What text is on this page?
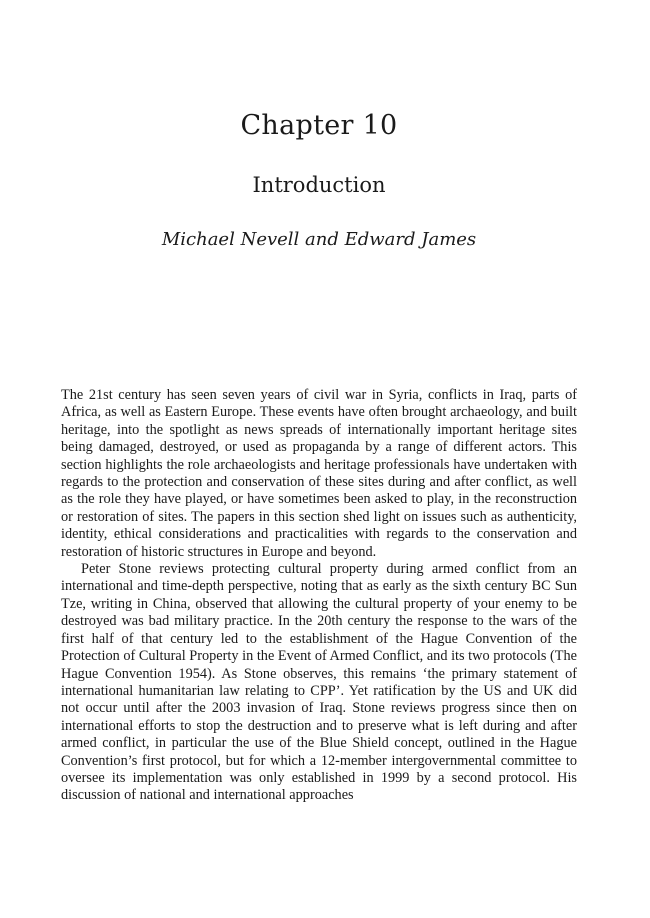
Chapter 10
Introduction
Michael Nevell and Edward James

The 21st century has seen seven years of civil war in Syria, conflicts in Iraq, parts of Africa, as well as Eastern Europe. These events have often brought archaeology, and built heritage, into the spotlight as news spreads of internationally important heritage sites being damaged, destroyed, or used as propaganda by a range of different actors. This section highlights the role archaeologists and heritage professionals have undertaken with regards to the protection and conservation of these sites during and after conflict, as well as the role they have played, or have sometimes been asked to play, in the reconstruction or restoration of sites. The papers in this section shed light on issues such as authenticity, identity, ethical considerations and practicalities with regards to the conservation and restoration of historic structures in Europe and beyond.

Peter Stone reviews protecting cultural property during armed conflict from an international and time-depth perspective, noting that as early as the sixth century BC Sun Tze, writing in China, observed that allowing the cultural property of your enemy to be destroyed was bad military practice. In the 20th century the response to the wars of the first half of that century led to the establishment of the Hague Convention of the Protection of Cultural Property in the Event of Armed Conflict, and its two protocols (The Hague Convention 1954). As Stone observes, this remains ‘the primary statement of international humanitarian law relating to CPP’. Yet ratification by the US and UK did not occur until after the 2003 invasion of Iraq. Stone reviews progress since then on international efforts to stop the destruction and to preserve what is left during and after armed conflict, in particular the use of the Blue Shield concept, outlined in the Hague Convention’s first protocol, but for which a 12-member intergovernmental committee to oversee its implementation was only established in 1999 by a second protocol. His discussion of national and international approaches
